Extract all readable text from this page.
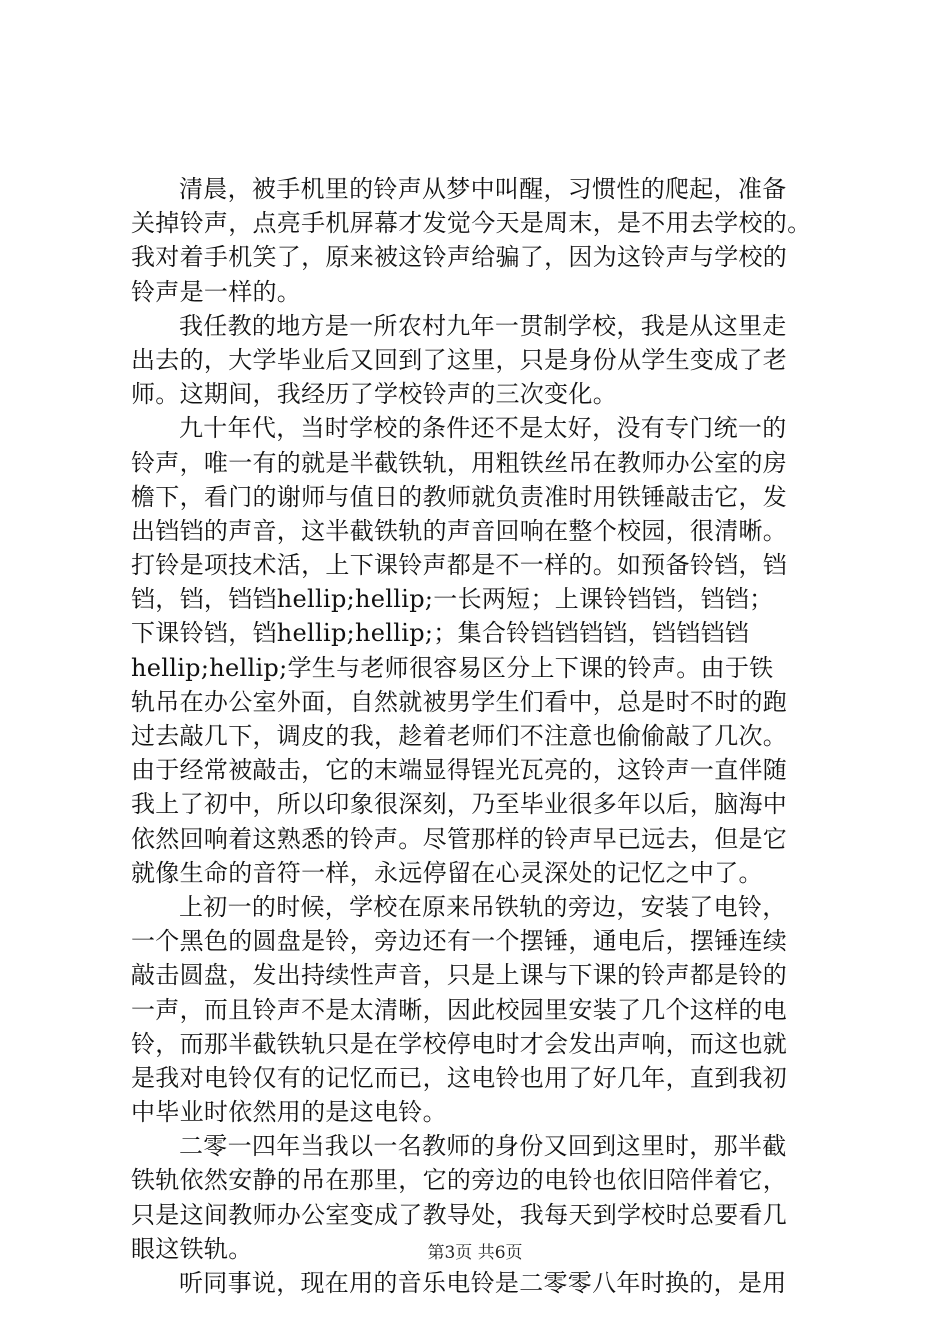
清晨，被手机里的铃声从梦中叫醒，习惯性的爬起，准备
关掉铃声，点亮手机屏幕才发觉今天是周末，是不用去学校的。
我对着手机笑了，原来被这铃声给骗了，因为这铃声与学校的
铃声是一样的。
我任教的地方是一所农村九年一贯制学校，我是从这里走
出去的，大学毕业后又回到了这里，只是身份从学生变成了老
师。这期间，我经历了学校铃声的三次变化。
九十年代，当时学校的条件还不是太好，没有专门统一的
铃声，唯一有的就是半截铁轨，用粗铁丝吊在教师办公室的房
檐下，看门的谢师与值日的教师就负责准时用铁锤敲击它，发
出铛铛的声音，这半截铁轨的声音回响在整个校园，很清晰。
打铃是项技术活，上下课铃声都是不一样的。如预备铃铛，铛
铛，铛，铛铛hellip;hellip;一长两短；上课铃铛铛，铛铛；
下课铃铛，铛hellip;hellip;；集合铃铛铛铛铛，铛铛铛铛
hellip;hellip;学生与老师很容易区分上下课的铃声。由于铁
轨吊在办公室外面，自然就被男学生们看中，总是时不时的跑
过去敲几下，调皮的我，趁着老师们不注意也偷偷敲了几次。
由于经常被敲击，它的末端显得锃光瓦亮的，这铃声一直伴随
我上了初中，所以印象很深刻，乃至毕业很多年以后，脑海中
依然回响着这熟悉的铃声。尽管那样的铃声早已远去，但是它
就像生命的音符一样，永远停留在心灵深处的记忆之中了。
上初一的时候，学校在原来吊铁轨的旁边，安装了电铃，
一个黑色的圆盘是铃，旁边还有一个摆锤，通电后，摆锤连续
敲击圆盘，发出持续性声音，只是上课与下课的铃声都是铃的
一声，而且铃声不是太清晰，因此校园里安装了几个这样的电
铃，而那半截铁轨只是在学校停电时才会发出声响，而这也就
是我对电铃仅有的记忆而已，这电铃也用了好几年，直到我初
中毕业时依然用的是这电铃。
二零一四年当我以一名教师的身份又回到这里时，那半截
铁轨依然安静的吊在那里，它的旁边的电铃也依旧陪伴着它，
只是这间教师办公室变成了教导处，我每天到学校时总要看几
眼这铁轨。
听同事说，现在用的音乐电铃是二零零八年时换的，是用
第3页 共6页
